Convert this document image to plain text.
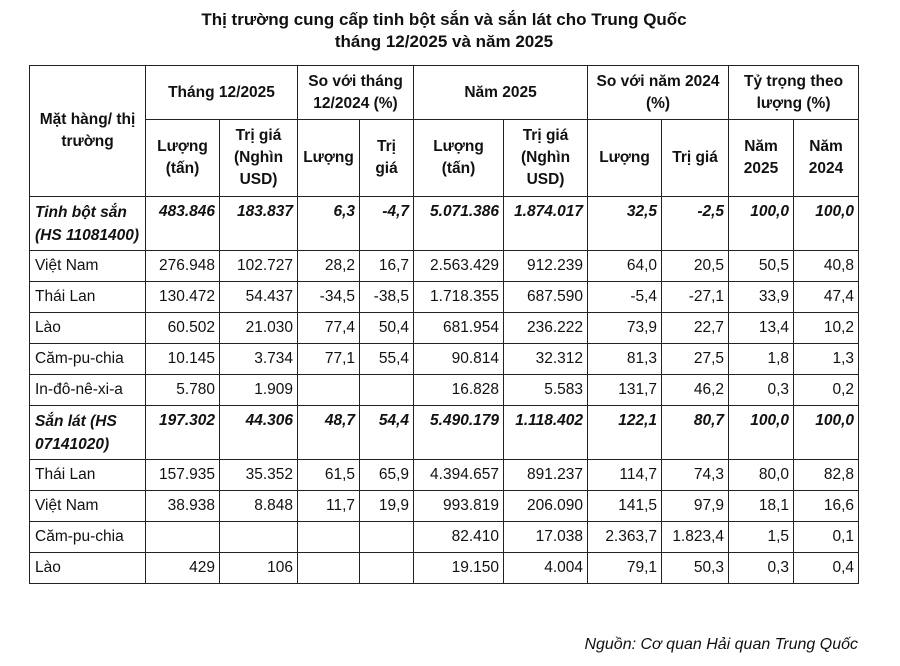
Thị trường cung cấp tinh bột sắn và sắn lát cho Trung Quốc
tháng 12/2025 và năm 2025
Mặt hàng/ thị trường	Tháng 12/2025		So với tháng 12/2024 (%)		Năm 2025		So với năm 2024 (%)		Tỷ trọng theo lượng (%)	
	Lượng (tấn)	Trị giá (Nghìn USD)	Lượng	Trị giá	Lượng (tấn)	Trị giá (Nghìn USD)	Lượng	Trị giá	Năm 2025	Năm 2024
Tinh bột sắn (HS 11081400)	483.846	183.837	6,3	-4,7	5.071.386	1.874.017	32,5	-2,5	100,0	100,0
Việt Nam	276.948	102.727	28,2	16,7	2.563.429	912.239	64,0	20,5	50,5	40,8
Thái Lan	130.472	54.437	-34,5	-38,5	1.718.355	687.590	-5,4	-27,1	33,9	47,4
Lào	60.502	21.030	77,4	50,4	681.954	236.222	73,9	22,7	13,4	10,2
Căm-pu-chia	10.145	3.734	77,1	55,4	90.814	32.312	81,3	27,5	1,8	1,3
In-đô-nê-xi-a	5.780	1.909			16.828	5.583	131,7	46,2	0,3	0,2
Sắn lát (HS 07141020)	197.302	44.306	48,7	54,4	5.490.179	1.118.402	122,1	80,7	100,0	100,0
Thái Lan	157.935	35.352	61,5	65,9	4.394.657	891.237	114,7	74,3	80,0	82,8
Việt Nam	38.938	8.848	11,7	19,9	993.819	206.090	141,5	97,9	18,1	16,6
Căm-pu-chia					82.410	17.038	2.363,7	1.823,4	1,5	0,1
Lào	429	106			19.150	4.004	79,1	50,3	0,3	0,4
Nguồn: Cơ quan Hải quan Trung Quốc
